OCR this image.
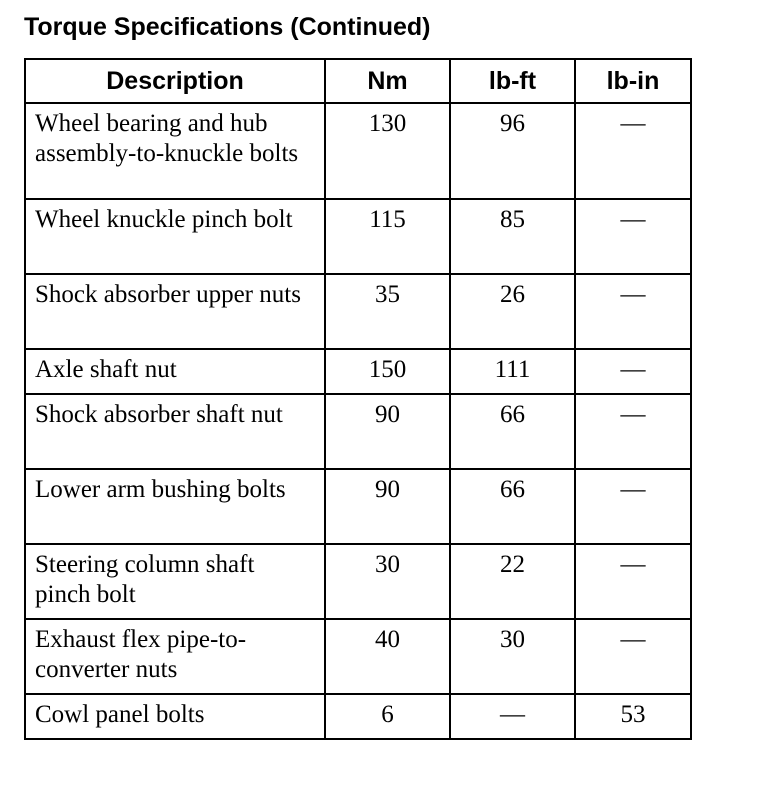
Torque Specifications (Continued)
Description	Nm	lb-ft	lb-in
Wheel bearing and hub assembly-to-knuckle bolts	130	96	—
Wheel knuckle pinch bolt	115	85	—
Shock absorber upper nuts	35	26	—
Axle shaft nut	150	111	—
Shock absorber shaft nut	90	66	—
Lower arm bushing bolts	90	66	—
Steering column shaft pinch bolt	30	22	—
Exhaust flex pipe-to-converter nuts	40	30	—
Cowl panel bolts	6	—	53
